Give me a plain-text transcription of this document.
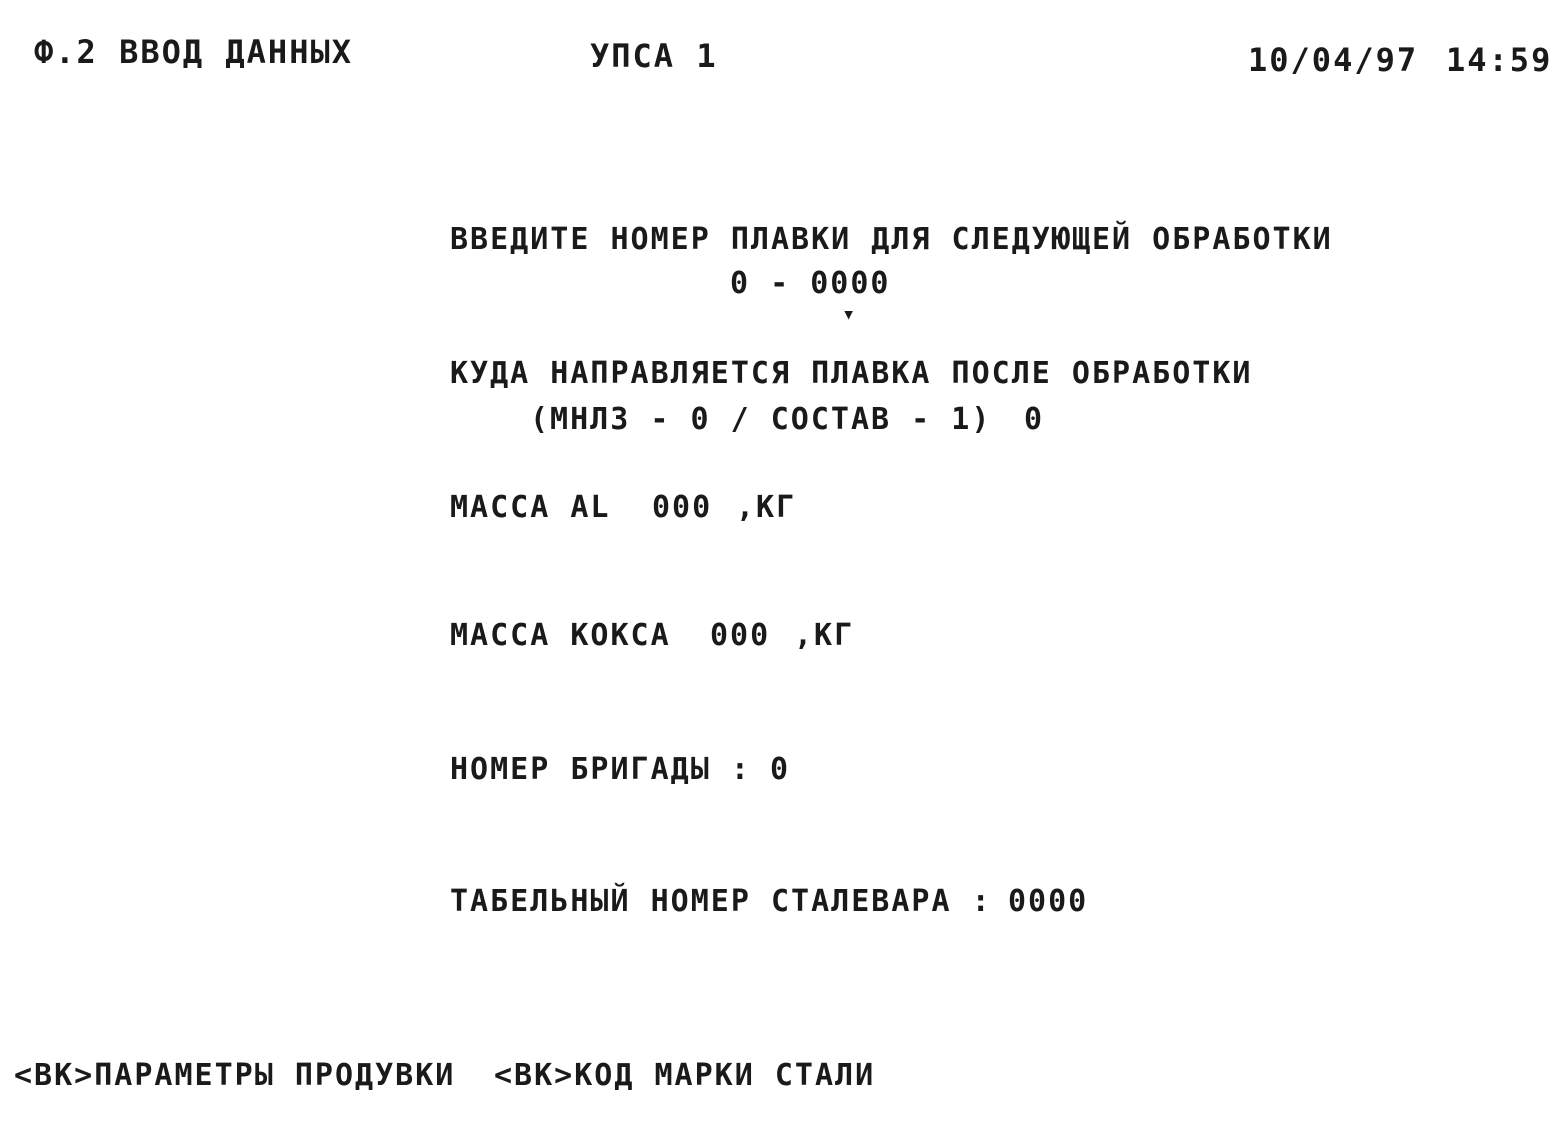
Ф.2 ВВОД ДАННЫХ	УПСА 1	10/04/97 14:59
ВВЕДИТЕ НОМЕР ПЛАВКИ ДЛЯ СЛЕДУЮЩЕЙ ОБРАБОТКИ
0 - 0000
▾
КУДА НАПРАВЛЯЕТСЯ ПЛАВКА ПОСЛЕ ОБРАБОТКИ
(МНЛЗ - 0 / СОСТАВ - 1) 0
МАССА AL 000 ,КГ
МАССА КОКСА 000 ,КГ
НОМЕР БРИГАДЫ : 0
ТАБЕЛЬНЫЙ НОМЕР СТАЛЕВАРА : 0000
<ВК>ПАРАМЕТРЫ ПРОДУВКИ <ВК>КОД МАРКИ СТАЛИ
